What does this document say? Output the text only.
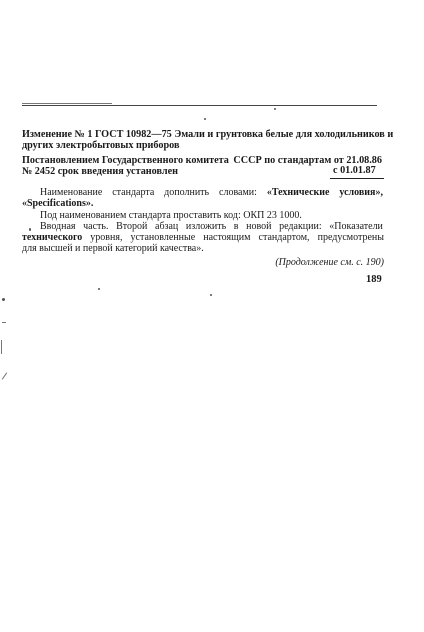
Изменение № 1 ГОСТ 10982—75 Эмали и грунтовка белые для холодильников и
других электробытовых приборов
Постановлением Государственного комитета СССР по стандартам от 21.08.86
№ 2452 срок введения установлен	с 01.01.87
Наименование стандарта дополнить словами: «Технические условия»,
«Specifications».
Под наименованием стандарта проставить код: ОКП 23 1000.
Вводная часть. Второй абзац изложить в новой редакции: «Показатели
технического уровня, установленные настоящим стандартом, предусмотрены
для высшей и первой категорий качества».
(Продолжение см. с. 190)
189
